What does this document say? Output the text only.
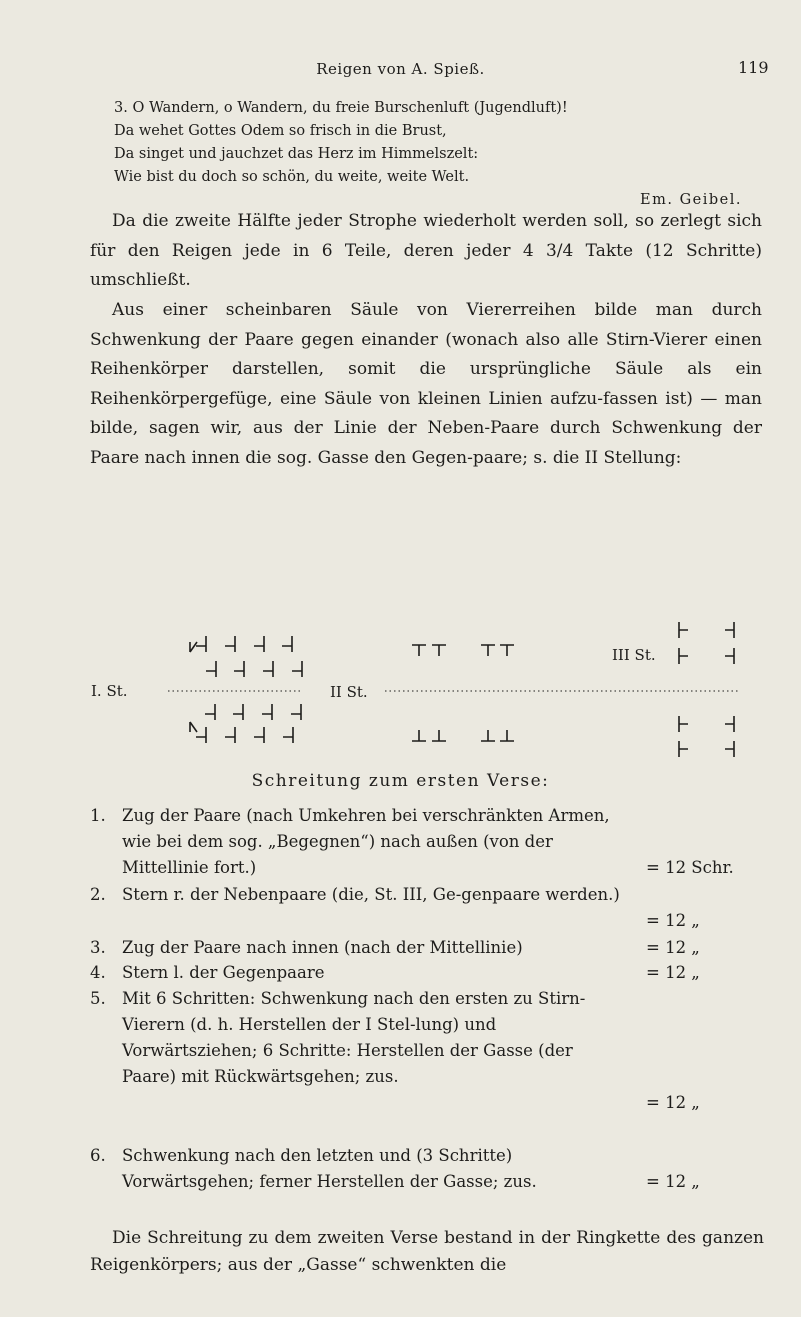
Reigen von A. Spieß.	119
3. O Wandern, o Wandern, du freie Burschenluft (Jugendluft)!
Da wehet Gottes Odem so frisch in die Brust,
Da singet und jauchzet das Herz im Himmelszelt:
Wie bist du doch so schön, du weite, weite Welt.
Em. Geibel.
Da die zweite Hälfte jeder Strophe wiederholt werden soll, so zerlegt sich für den Reigen jede in 6 Teile, deren jeder 4 3/4 Takte (12 Schritte) umschließt.
Aus einer scheinbaren Säule von Viererreihen bilde man durch Schwenkung der Paare gegen einander (wonach also alle Stirn-Vierer einen Reihenkörper darstellen, somit die ursprüngliche Säule als ein Reihenkörpergefüge, eine Säule von kleinen Linien aufzu-fassen ist) — man bilde, sagen wir, aus der Linie der Neben-Paare durch Schwenkung der Paare nach innen die sog. Gasse den Gegen-paare; s. die II Stellung:
I. St.	II St.
III St.
Schreitung zum ersten Verse:
1. Zug der Paare (nach Umkehren bei verschränkten Armen, wie bei dem sog. „Begegnen“) nach außen (von der Mittellinie fort.)	= 12 Schr.
2. Stern r. der Nebenpaare (die, St. III, Ge-genpaare werden.)
= 12 „
3. Zug der Paare nach innen (nach der Mittellinie)	= 12 „
4. Stern l. der Gegenpaare	= 12 „
5. Mit 6 Schritten: Schwenkung nach den ersten zu Stirn-Vierern (d. h. Herstellen der I Stel-lung) und Vorwärtsziehen; 6 Schritte: Herstellen der Gasse (der Paare) mit Rückwärtsgehen; zus.
= 12 „
6. Schwenkung nach den letzten und (3 Schritte) Vorwärtsgehen; ferner Herstellen der Gasse; zus.	= 12 „
Die Schreitung zu dem zweiten Verse bestand in der Ringkette des ganzen Reigenkörpers; aus der „Gasse“ schwenkten die
